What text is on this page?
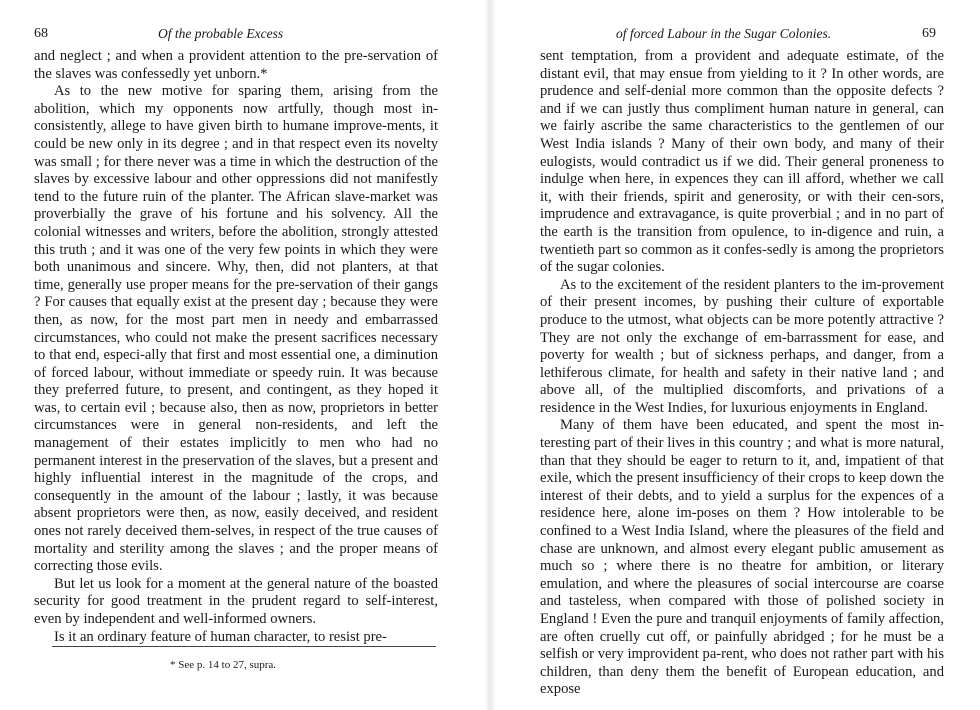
68	Of the probable Excess

and neglect ; and when a provident attention to the pre-servation of the slaves was confessedly yet unborn.*

As to the new motive for sparing them, arising from the abolition, which my opponents now artfully, though most in-consistently, allege to have given birth to humane improve-ments, it could be new only in its degree ; and in that respect even its novelty was small ; for there never was a time in which the destruction of the slaves by excessive labour and other oppressions did not manifestly tend to the future ruin of the planter. The African slave-market was proverbially the grave of his fortune and his solvency. All the colonial witnesses and writers, before the abolition, strongly attested this truth ; and it was one of the very few points in which they were both unanimous and sincere. Why, then, did not planters, at that time, generally use proper means for the pre-servation of their gangs ? For causes that equally exist at the present day ; because they were then, as now, for the most part men in needy and embarrassed circumstances, who could not make the present sacrifices necessary to that end, especi-ally that first and most essential one, a diminution of forced labour, without immediate or speedy ruin. It was because they preferred future, to present, and contingent, as they hoped it was, to certain evil ; because also, then as now, proprietors in better circumstances were in general non-residents, and left the management of their estates implicitly to men who had no permanent interest in the preservation of the slaves, but a present and highly influential interest in the magnitude of the crops, and consequently in the amount of the labour ; lastly, it was because absent proprietors were then, as now, easily deceived, and resident ones not rarely deceived them-selves, in respect of the true causes of mortality and sterility among the slaves ; and the proper means of correcting those evils.

But let us look for a moment at the general nature of the boasted security for good treatment in the prudent regard to self-interest, even by independent and well-informed owners.

Is it an ordinary feature of human character, to resist pre-

* See p. 14 to 27, supra.
of forced Labour in the Sugar Colonies.	69

sent temptation, from a provident and adequate estimate, of the distant evil, that may ensue from yielding to it ? In other words, are prudence and self-denial more common than the opposite defects ? and if we can justly thus compliment human nature in general, can we fairly ascribe the same characteristics to the gentlemen of our West India islands ? Many of their own body, and many of their eulogists, would contradict us if we did. Their general proneness to indulge when here, in expences they can ill afford, whether we call it, with their friends, spirit and generosity, or with their cen-sors, imprudence and extravagance, is quite proverbial ; and in no part of the earth is the transition from opulence, to in-digence and ruin, a twentieth part so common as it confes-sedly is among the proprietors of the sugar colonies.

As to the excitement of the resident planters to the im-provement of their present incomes, by pushing their culture of exportable produce to the utmost, what objects can be more potently attractive ? They are not only the exchange of em-barrassment for ease, and poverty for wealth ; but of sickness perhaps, and danger, from a lethiferous climate, for health and safety in their native land ; and above all, of the multiplied discomforts, and privations of a residence in the West Indies, for luxurious enjoyments in England.

Many of them have been educated, and spent the most in-teresting part of their lives in this country ; and what is more natural, than that they should be eager to return to it, and, impatient of that exile, which the present insufficiency of their crops to keep down the interest of their debts, and to yield a surplus for the expences of a residence here, alone im-poses on them ? How intolerable to be confined to a West India Island, where the pleasures of the field and chase are unknown, and almost every elegant public amusement as much so ; where there is no theatre for ambition, or literary emulation, and where the pleasures of social intercourse are coarse and tasteless, when compared with those of polished society in England ! Even the pure and tranquil enjoyments of family affection, are often cruelly cut off, or painfully abridged ; for he must be a selfish or very improvident pa-rent, who does not rather part with his children, than deny them the benefit of European education, and expose
